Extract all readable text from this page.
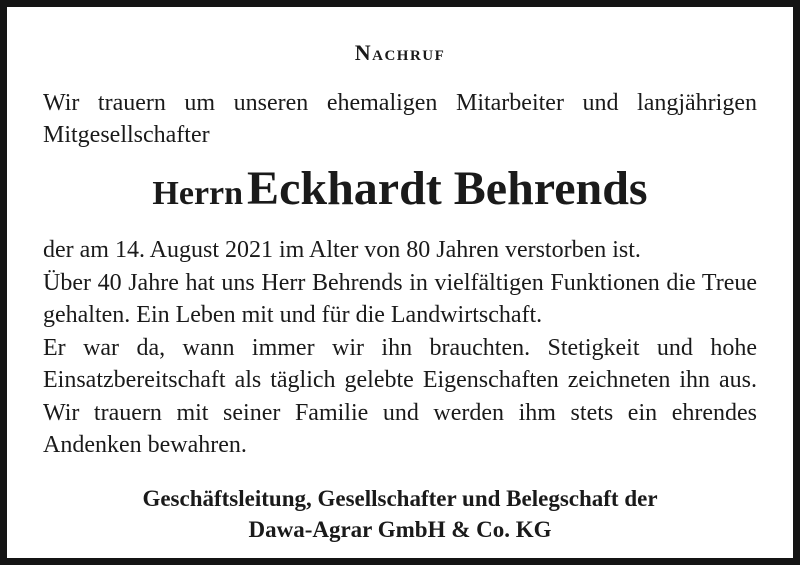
Nachruf
Wir trauern um unseren ehemaligen Mitarbeiter und langjährigen Mitgesellschafter
Herrn Eckhardt Behrends

der am 14. August 2021 im Alter von 80 Jahren verstorben ist.

Über 40 Jahre hat uns Herr Behrends in vielfältigen Funktionen die Treue gehalten. Ein Leben mit und für die Landwirtschaft.

Er war da, wann immer wir ihn brauchten. Stetigkeit und hohe Einsatzbereitschaft als täglich gelebte Eigenschaften zeichneten ihn aus. Wir trauern mit seiner Familie und werden ihm stets ein ehrendes Andenken bewahren.

Geschäftsleitung, Gesellschafter und Belegschaft der
Dawa-Agrar GmbH & Co. KG
